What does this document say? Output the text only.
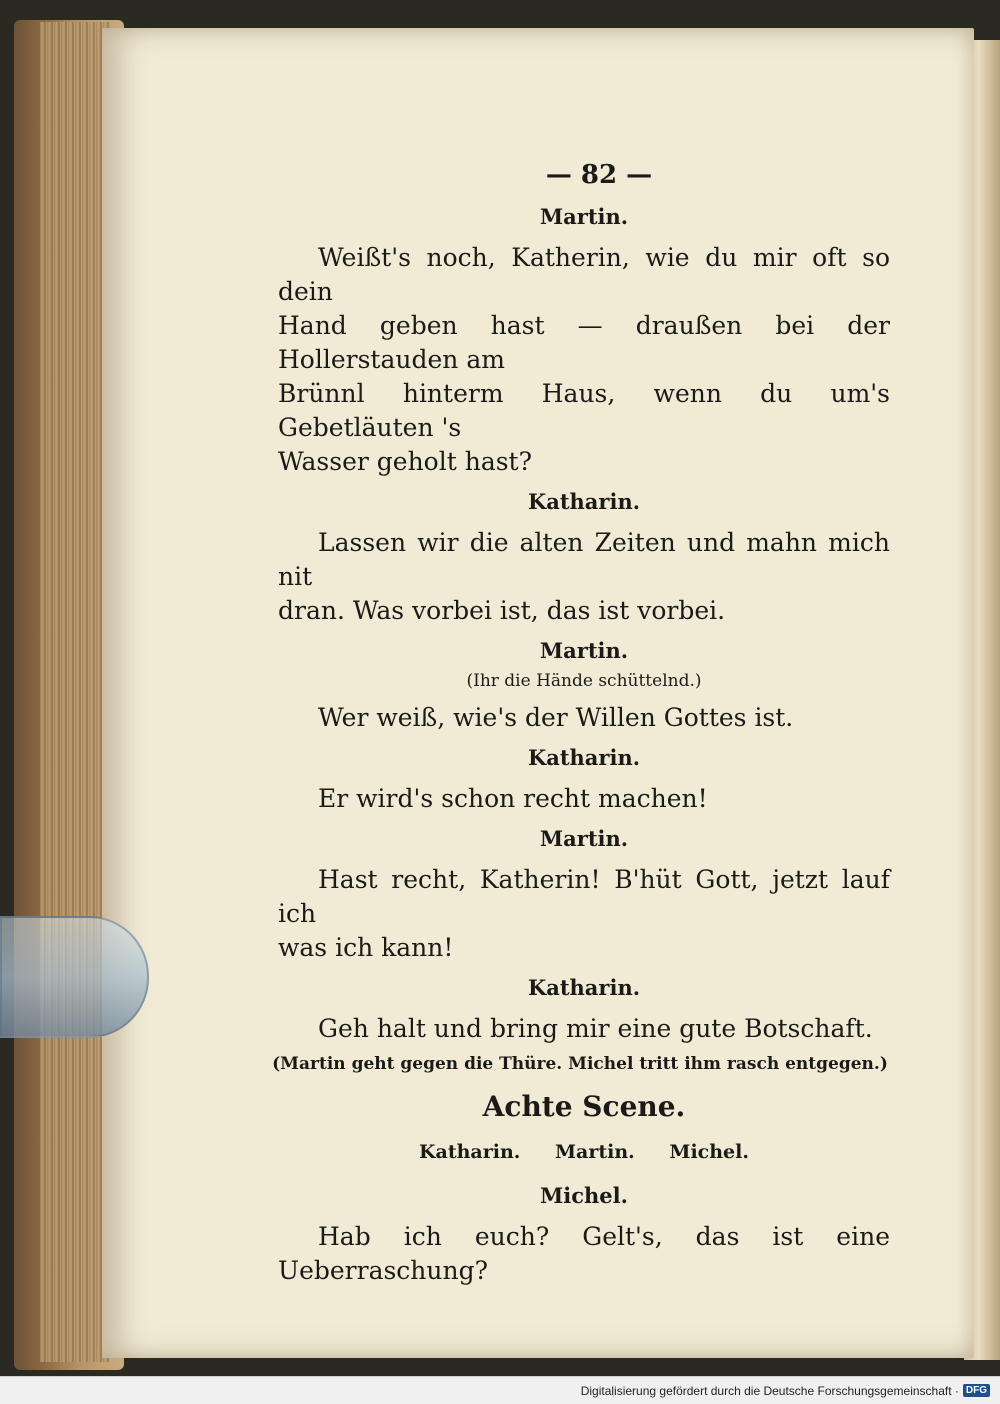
— 82 —
Martin.

Weißt's noch, Katherin, wie du mir oft so dein

Hand geben hast — draußen bei der Hollerstauden am

Brünnl hinterm Haus, wenn du um's Gebetläuten 's

Wasser geholt hast?

Katharin.

Lassen wir die alten Zeiten und mahn mich nit

dran. Was vorbei ist, das ist vorbei.

Martin.
(Ihr die Hände schüttelnd.)

Wer weiß, wie's der Willen Gottes ist.

Katharin.

Er wird's schon recht machen!

Martin.

Hast recht, Katherin! B'hüt Gott, jetzt lauf ich

was ich kann!

Katharin.

Geh halt und bring mir eine gute Botschaft.

(Martin geht gegen die Thüre. Michel tritt ihm rasch entgegen.)
Achte Scene.
Katharin. Martin. Michel.
Michel.

Hab ich euch? Gelt's, das ist eine Ueberraschung?

Digitalisierung gefördert durch die Deutsche Forschungsgemeinschaft · DFG
